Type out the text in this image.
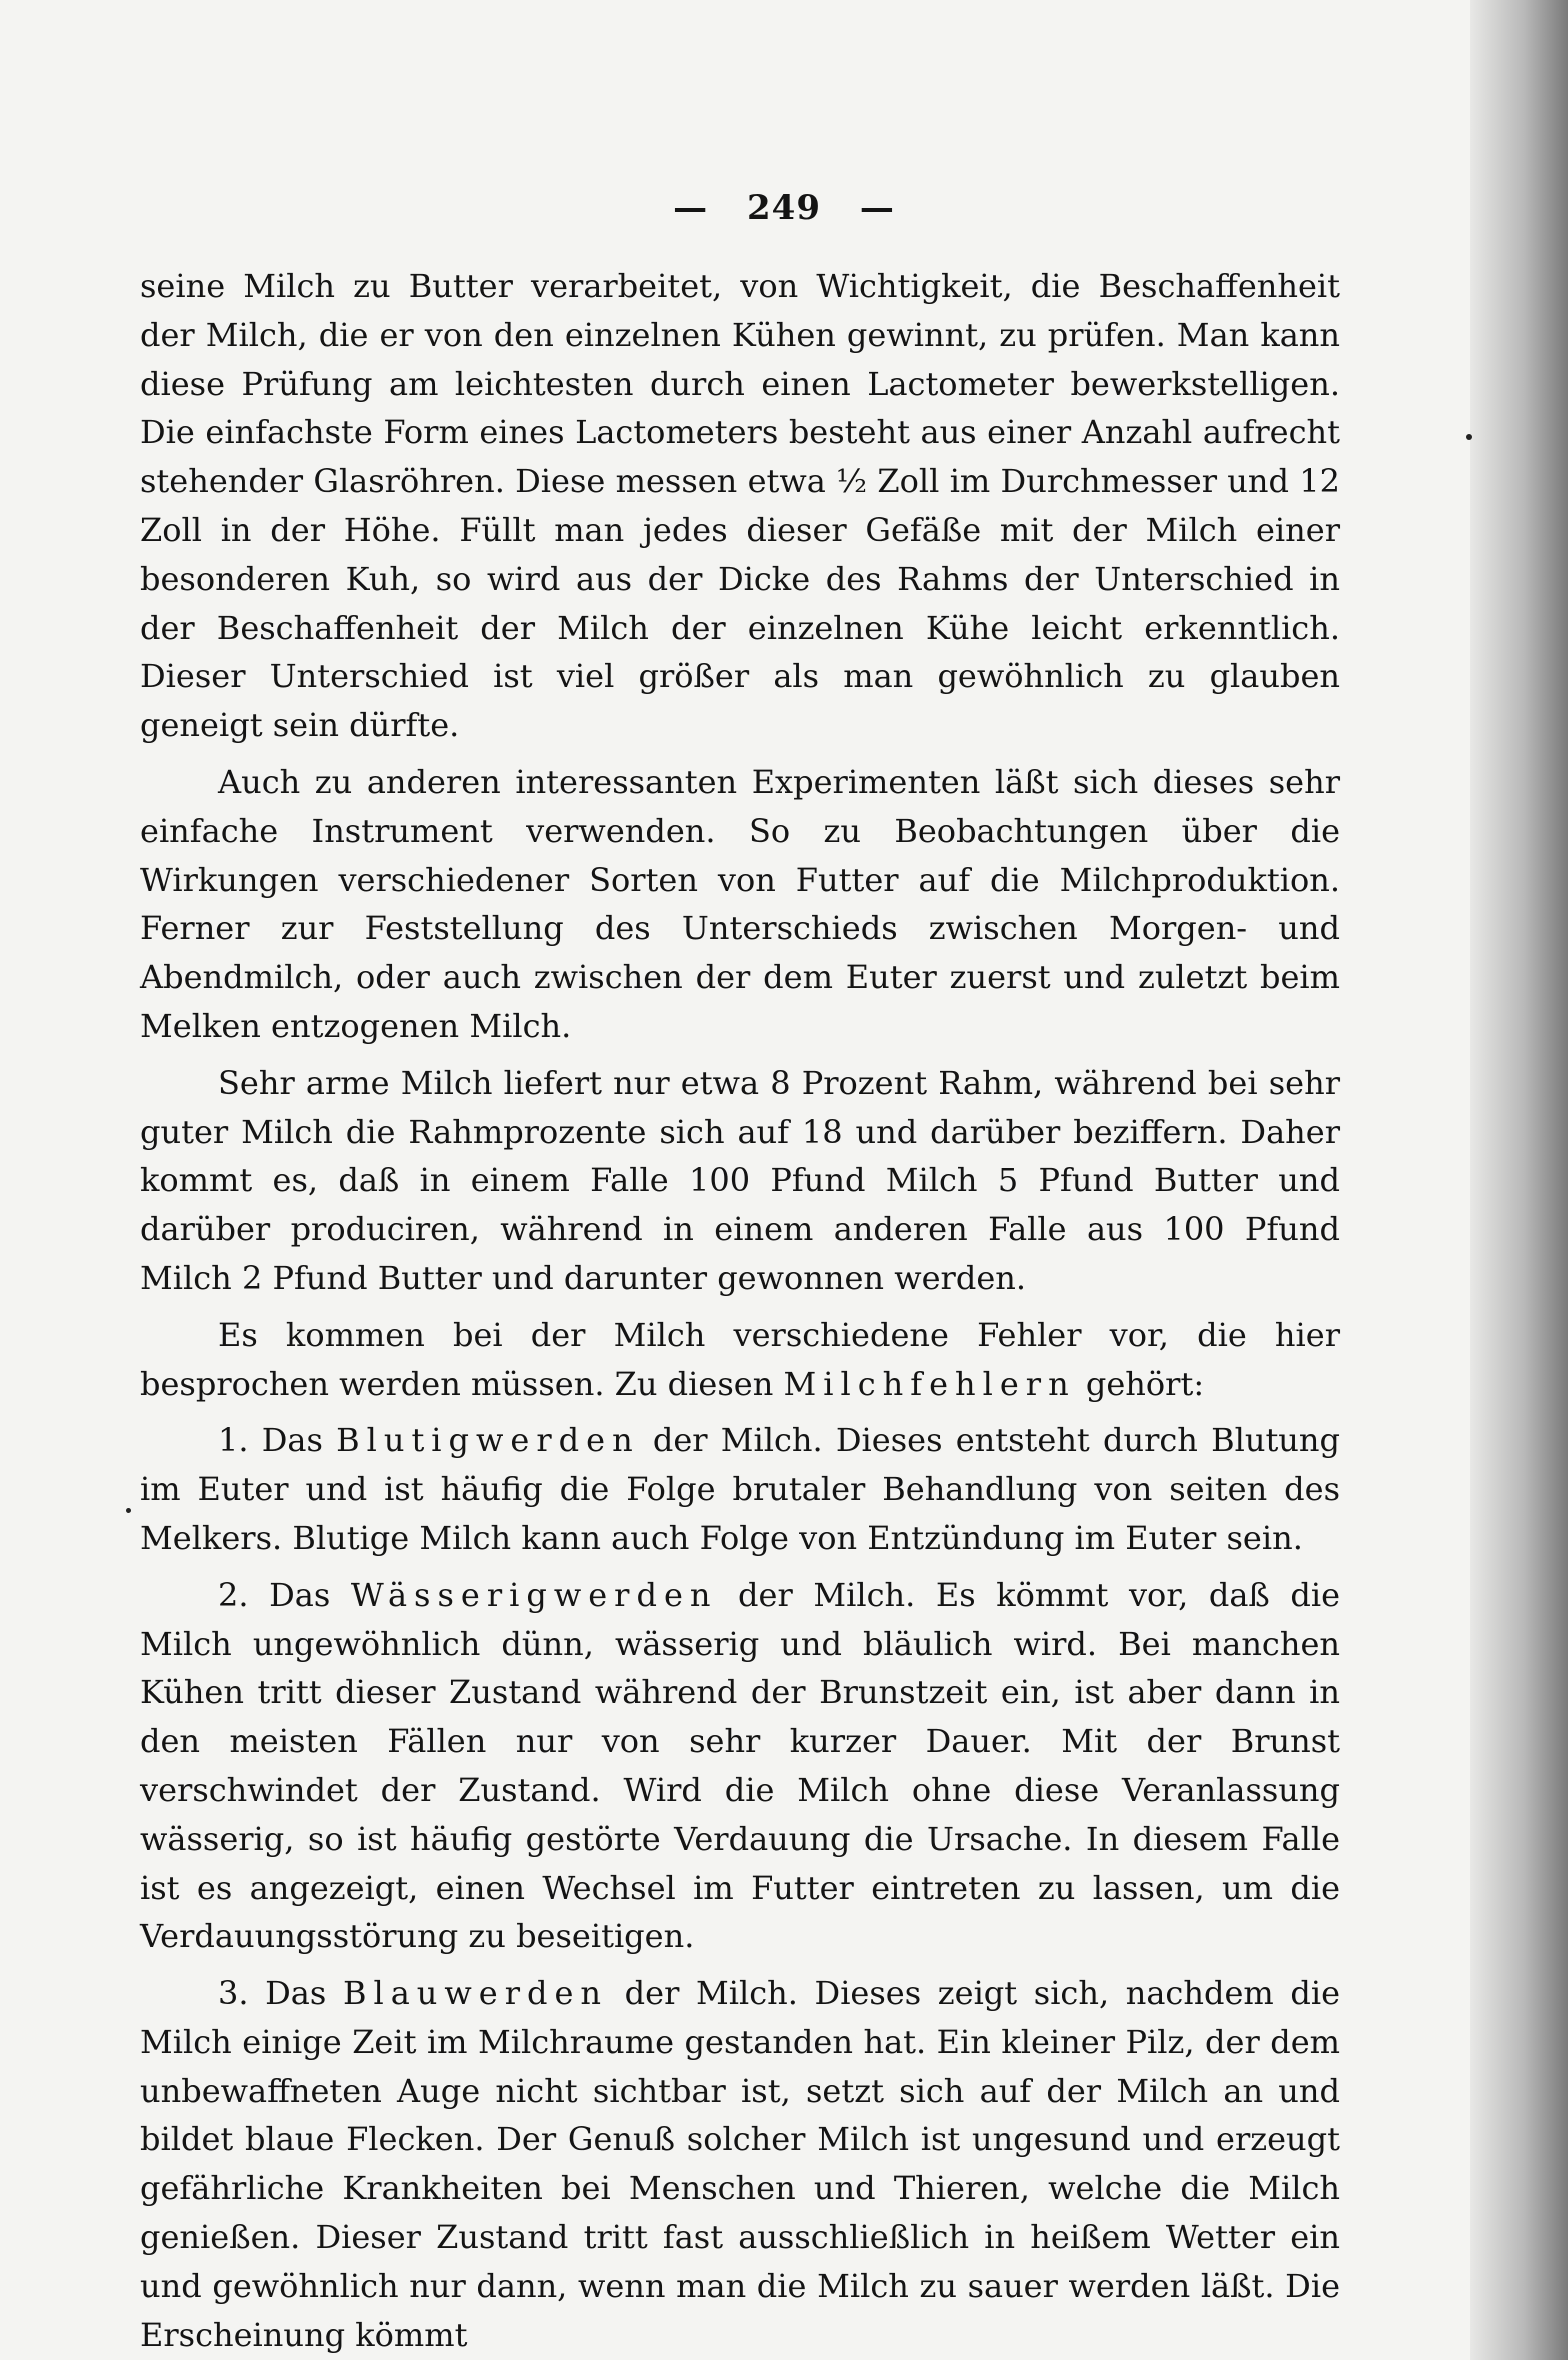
— 249 —

seine Milch zu Butter verarbeitet, von Wichtigkeit, die Beschaffenheit der Milch, die er von den einzelnen Kühen gewinnt, zu prüfen. Man kann diese Prüfung am leichtesten durch einen Lactometer bewerkstelligen. Die einfachste Form eines Lactometers besteht aus einer Anzahl aufrecht stehender Glasröhren. Diese messen etwa ½ Zoll im Durchmesser und 12 Zoll in der Höhe. Füllt man jedes dieser Gefäße mit der Milch einer besonderen Kuh, so wird aus der Dicke des Rahms der Unterschied in der Beschaffenheit der Milch der einzelnen Kühe leicht erkenntlich. Dieser Unterschied ist viel größer als man gewöhnlich zu glauben geneigt sein dürfte.

Auch zu anderen interessanten Experimenten läßt sich dieses sehr einfache Instrument verwenden. So zu Beobachtungen über die Wirkungen verschiedener Sorten von Futter auf die Milchproduktion. Ferner zur Feststellung des Unterschieds zwischen Morgen- und Abendmilch, oder auch zwischen der dem Euter zuerst und zuletzt beim Melken entzogenen Milch.

Sehr arme Milch liefert nur etwa 8 Prozent Rahm, während bei sehr guter Milch die Rahmprozente sich auf 18 und darüber beziffern. Daher kommt es, daß in einem Falle 100 Pfund Milch 5 Pfund Butter und darüber produciren, während in einem anderen Falle aus 100 Pfund Milch 2 Pfund Butter und darunter gewonnen werden.

Es kommen bei der Milch verschiedene Fehler vor, die hier besprochen werden müssen. Zu diesen Milchfehlern gehört:

1. Das Blutigwerden der Milch. Dieses entsteht durch Blutung im Euter und ist häufig die Folge brutaler Behandlung von seiten des Melkers. Blutige Milch kann auch Folge von Entzündung im Euter sein.

2. Das Wässerigwerden der Milch. Es kömmt vor, daß die Milch ungewöhnlich dünn, wässerig und bläulich wird. Bei manchen Kühen tritt dieser Zustand während der Brunstzeit ein, ist aber dann in den meisten Fällen nur von sehr kurzer Dauer. Mit der Brunst verschwindet der Zustand. Wird die Milch ohne diese Veranlassung wässerig, so ist häufig gestörte Verdauung die Ursache. In diesem Falle ist es angezeigt, einen Wechsel im Futter eintreten zu lassen, um die Verdauungsstörung zu beseitigen.

3. Das Blauwerden der Milch. Dieses zeigt sich, nachdem die Milch einige Zeit im Milchraume gestanden hat. Ein kleiner Pilz, der dem unbewaffneten Auge nicht sichtbar ist, setzt sich auf der Milch an und bildet blaue Flecken. Der Genuß solcher Milch ist ungesund und erzeugt gefährliche Krankheiten bei Menschen und Thieren, welche die Milch genießen. Dieser Zustand tritt fast ausschließlich in heißem Wetter ein und gewöhnlich nur dann, wenn man die Milch zu sauer werden läßt. Die Erscheinung kömmt
